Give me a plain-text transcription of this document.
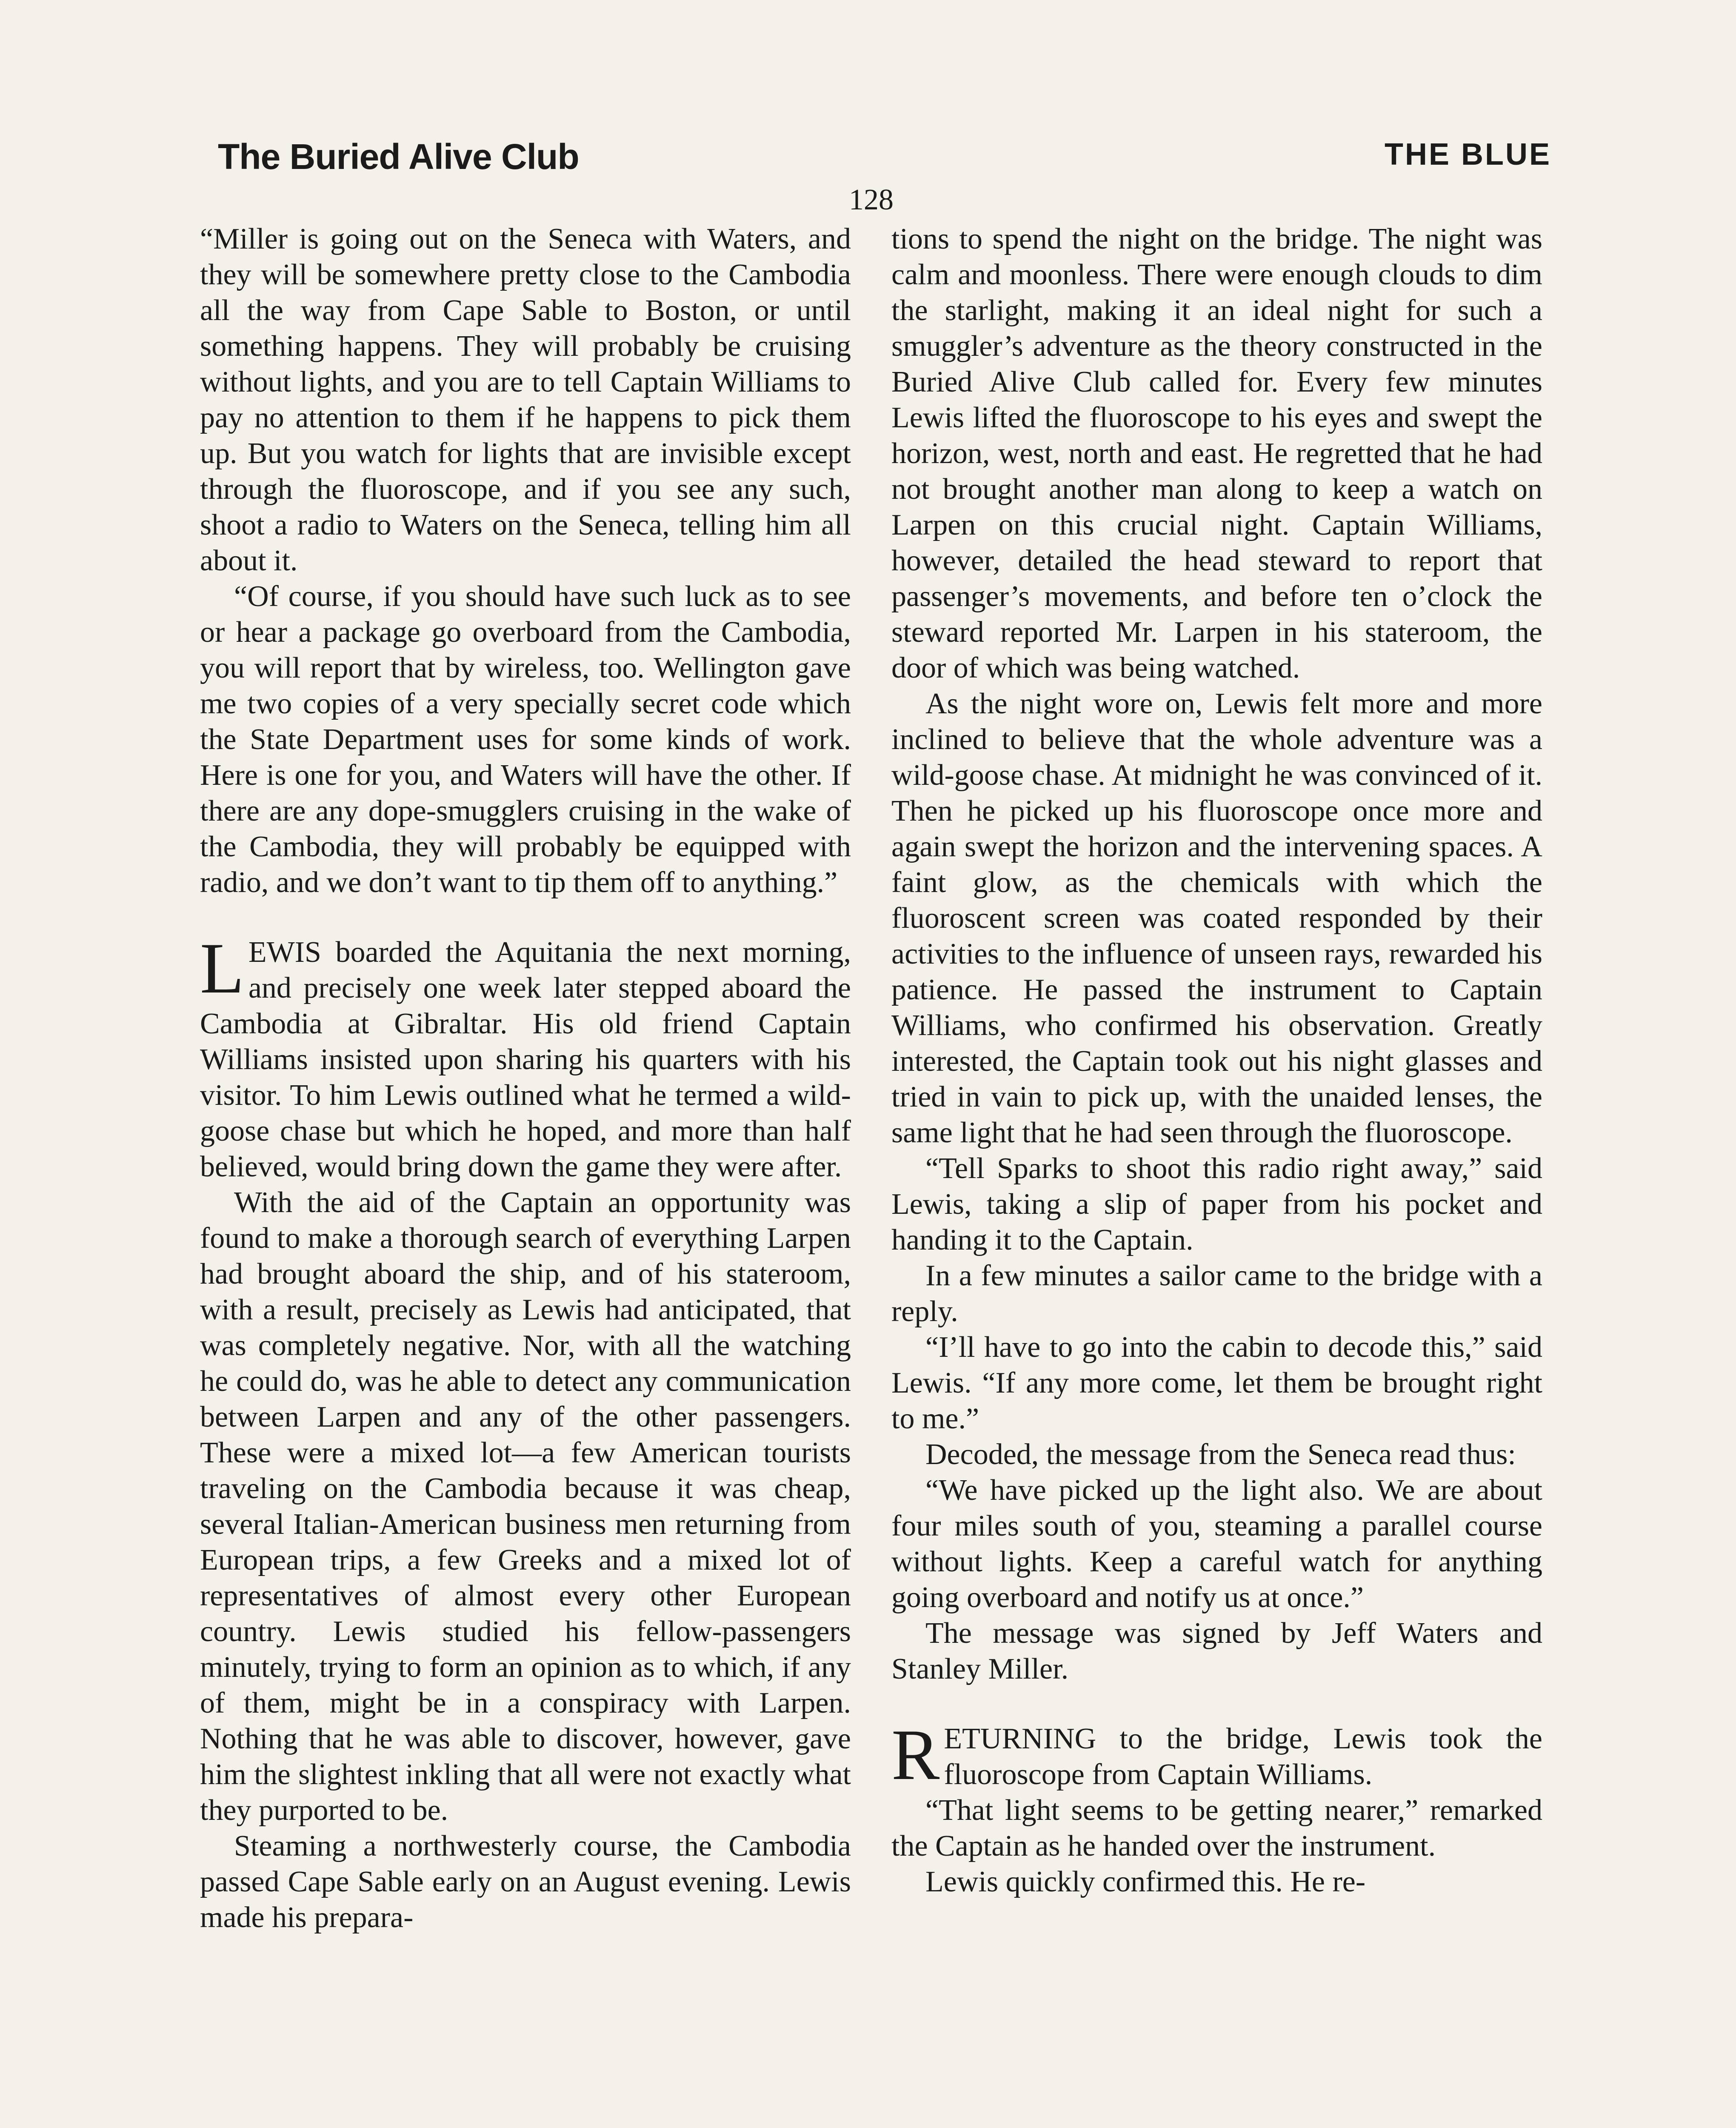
The Buried Alive Club	THE BLUE
128

“Miller is going out on the Seneca with Waters, and they will be somewhere pretty close to the Cambodia all the way from Cape Sable to Boston, or until something happens. They will probably be cruising without lights, and you are to tell Captain Williams to pay no attention to them if he happens to pick them up. But you watch for lights that are invisible except through the fluoroscope, and if you see any such, shoot a radio to Waters on the Seneca, telling him all about it.

“Of course, if you should have such luck as to see or hear a package go overboard from the Cambodia, you will report that by wireless, too. Wellington gave me two copies of a very specially secret code which the State Department uses for some kinds of work. Here is one for you, and Waters will have the other. If there are any dope-smugglers cruising in the wake of the Cambodia, they will probably be equipped with radio, and we don’t want to tip them off to anything.”

LEWIS boarded the Aquitania the next morning, and precisely one week later stepped aboard the Cambodia at Gibraltar. His old friend Captain Williams insisted upon sharing his quarters with his visitor. To him Lewis outlined what he termed a wild-goose chase but which he hoped, and more than half believed, would bring down the game they were after.

With the aid of the Captain an opportunity was found to make a thorough search of everything Larpen had brought aboard the ship, and of his stateroom, with a result, precisely as Lewis had anticipated, that was completely negative. Nor, with all the watching he could do, was he able to detect any communication between Larpen and any of the other passengers. These were a mixed lot—a few American tourists traveling on the Cambodia because it was cheap, several Italian-American business men returning from European trips, a few Greeks and a mixed lot of representatives of almost every other European country. Lewis studied his fellow-passengers minutely, trying to form an opinion as to which, if any of them, might be in a conspiracy with Larpen. Nothing that he was able to discover, however, gave him the slightest inkling that all were not exactly what they purported to be.

Steaming a northwesterly course, the Cambodia passed Cape Sable early on an August evening. Lewis made his prepara-

tions to spend the night on the bridge. The night was calm and moonless. There were enough clouds to dim the starlight, making it an ideal night for such a smuggler’s adventure as the theory constructed in the Buried Alive Club called for. Every few minutes Lewis lifted the fluoroscope to his eyes and swept the horizon, west, north and east. He regretted that he had not brought another man along to keep a watch on Larpen on this crucial night. Captain Williams, however, detailed the head steward to report that passenger’s movements, and before ten o’clock the steward reported Mr. Larpen in his stateroom, the door of which was being watched.

As the night wore on, Lewis felt more and more inclined to believe that the whole adventure was a wild-goose chase. At midnight he was convinced of it. Then he picked up his fluoroscope once more and again swept the horizon and the intervening spaces. A faint glow, as the chemicals with which the fluoroscent screen was coated responded by their activities to the influence of unseen rays, rewarded his patience. He passed the instrument to Captain Williams, who confirmed his observation. Greatly interested, the Captain took out his night glasses and tried in vain to pick up, with the unaided lenses, the same light that he had seen through the fluoroscope.

“Tell Sparks to shoot this radio right away,” said Lewis, taking a slip of paper from his pocket and handing it to the Captain.

In a few minutes a sailor came to the bridge with a reply.

“I’ll have to go into the cabin to decode this,” said Lewis. “If any more come, let them be brought right to me.”

Decoded, the message from the Seneca read thus:

“We have picked up the light also. We are about four miles south of you, steaming a parallel course without lights. Keep a careful watch for anything going overboard and notify us at once.”

The message was signed by Jeff Waters and Stanley Miller.

RETURNING to the bridge, Lewis took the fluoroscope from Captain Williams.

“That light seems to be getting nearer,” remarked the Captain as he handed over the instrument.

Lewis quickly confirmed this. He re-
